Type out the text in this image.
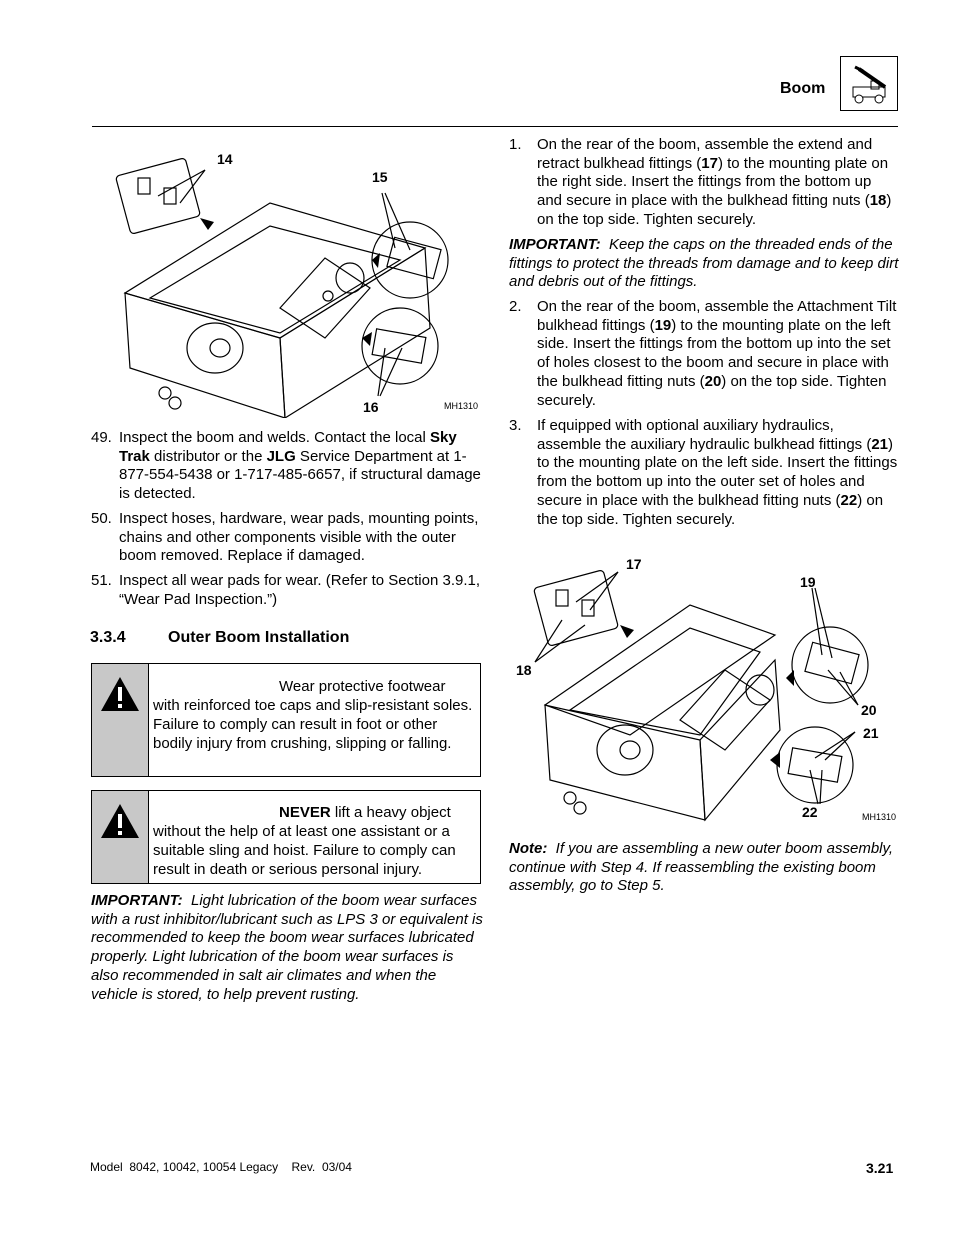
Boom
14
15
16	MH1310
49. Inspect the boom and welds. Contact the local Sky Trak distributor or the JLG Service Department at 1-877-554-5438 or 1-717-485-6657, if structural damage is detected.
50. Inspect hoses, hardware, wear pads, mounting points, chains and other components visible with the outer boom removed. Replace if damaged.
51. Inspect all wear pads for wear. (Refer to Section 3.9.1, “Wear Pad Inspection.”)
3.3.4	Outer Boom Installation
Wear protective footwear with reinforced toe caps and slip-resistant soles. Failure to comply can result in foot or other bodily injury from crushing, slipping or falling.
NEVER lift a heavy object without the help of at least one assistant or a suitable sling and hoist. Failure to comply can result in death or serious personal injury.
IMPORTANT: Light lubrication of the boom wear surfaces with a rust inhibitor/lubricant such as LPS 3 or equivalent is recommended to keep the boom wear surfaces lubricated properly. Light lubrication of the boom wear surfaces is also recommended in salt air climates and when the vehicle is stored, to help prevent rusting.
1.	On the rear of the boom, assemble the extend and retract bulkhead fittings (17) to the mounting plate on the right side. Insert the fittings from the bottom up and secure in place with the bulkhead fitting nuts (18) on the top side. Tighten securely.
IMPORTANT: Keep the caps on the threaded ends of the fittings to protect the threads from damage and to keep dirt and debris out of the fittings.
2.	On the rear of the boom, assemble the Attachment Tilt bulkhead fittings (19) to the mounting plate on the left side. Insert the fittings from the bottom up into the set of holes closest to the boom and secure in place with the bulkhead fitting nuts (20) on the top side. Tighten securely.
3.	If equipped with optional auxiliary hydraulics, assemble the auxiliary hydraulic bulkhead fittings (21) to the mounting plate on the left side. Insert the fittings from the bottom up into the outer set of holes and secure in place with the bulkhead fitting nuts (22) on the top side. Tighten securely.
17
18
19
20
21
22	MH1310
Note: If you are assembling a new outer boom assembly, continue with Step 4. If reassembling the existing boom assembly, go to Step 5.
Model  8042, 10042, 10054 Legacy    Rev.  03/04	3.21
